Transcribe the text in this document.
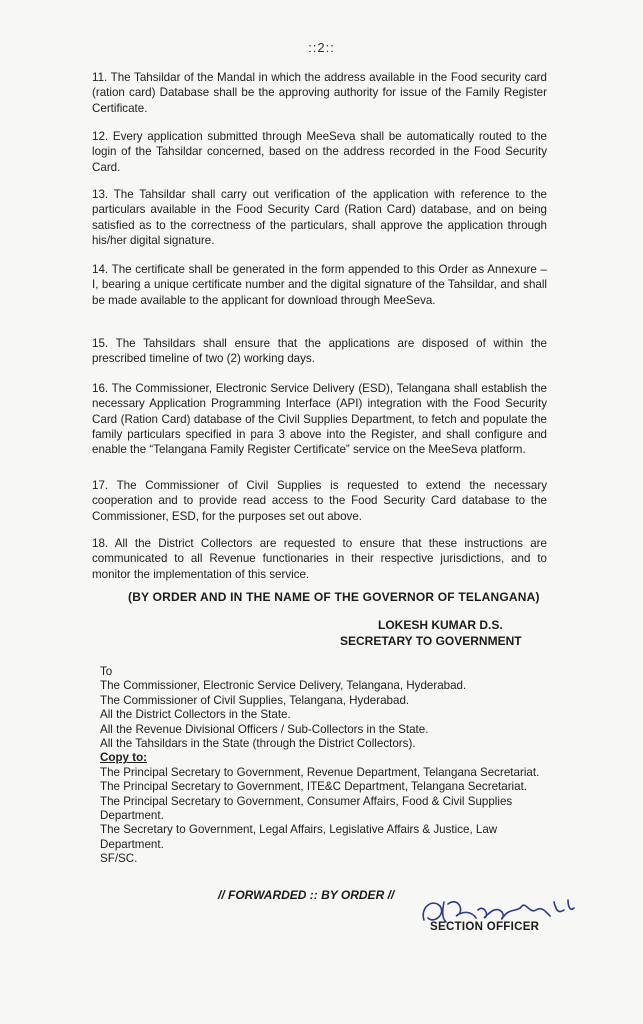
::2::
11. The Tahsildar of the Mandal in which the address available in the Food security card (ration card) Database shall be the approving authority for issue of the Family Register Certificate.
12. Every application submitted through MeeSeva shall be automatically routed to the login of the Tahsildar concerned, based on the address recorded in the Food Security Card.
13. The Tahsildar shall carry out verification of the application with reference to the particulars available in the Food Security Card (Ration Card) database, and on being satisfied as to the correctness of the particulars, shall approve the application through his/her digital signature.
14. The certificate shall be generated in the form appended to this Order as Annexure – I, bearing a unique certificate number and the digital signature of the Tahsildar, and shall be made available to the applicant for download through MeeSeva.
15. The Tahsildars shall ensure that the applications are disposed of within the prescribed timeline of two (2) working days.
16. The Commissioner, Electronic Service Delivery (ESD), Telangana shall establish the necessary Application Programming Interface (API) integration with the Food Security Card (Ration Card) database of the Civil Supplies Department, to fetch and populate the family particulars specified in para 3 above into the Register, and shall configure and enable the “Telangana Family Register Certificate” service on the MeeSeva platform.
17. The Commissioner of Civil Supplies is requested to extend the necessary cooperation and to provide read access to the Food Security Card database to the Commissioner, ESD, for the purposes set out above.
18. All the District Collectors are requested to ensure that these instructions are communicated to all Revenue functionaries in their respective jurisdictions, and to monitor the implementation of this service.
(BY ORDER AND IN THE NAME OF THE GOVERNOR OF TELANGANA)
LOKESH KUMAR D.S.
SECRETARY TO GOVERNMENT
To
The Commissioner, Electronic Service Delivery, Telangana, Hyderabad.
The Commissioner of Civil Supplies, Telangana, Hyderabad.
All the District Collectors in the State.
All the Revenue Divisional Officers / Sub-Collectors in the State.
All the Tahsildars in the State (through the District Collectors).
Copy to:
The Principal Secretary to Government, Revenue Department, Telangana Secretariat.
The Principal Secretary to Government, ITE&C Department, Telangana Secretariat.
The Principal Secretary to Government, Consumer Affairs, Food & Civil Supplies Department.
The Secretary to Government, Legal Affairs, Legislative Affairs & Justice, Law Department.
SF/SC.
// FORWARDED :: BY ORDER //
SECTION OFFICER
